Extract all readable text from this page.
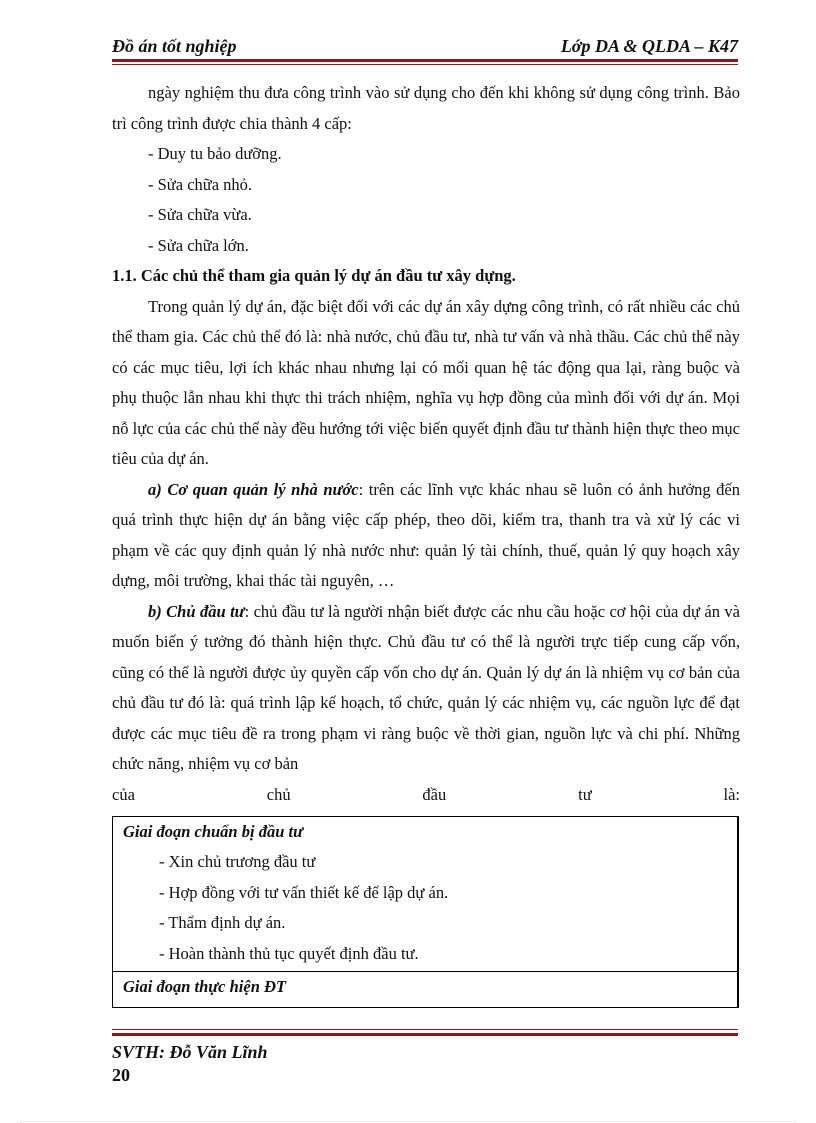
Đồ án tốt nghiệp	Lớp DA & QLDA – K47

ngày nghiệm thu đưa công trình vào sử dụng cho đến khi không sử dụng công trình. Bảo trì công trình được chia thành 4 cấp:

- Duy tu bảo dưỡng.

- Sửa chữa nhỏ.

- Sửa chữa vừa.

- Sửa chữa lớn.

1.1. Các chủ thể tham gia quản lý dự án đầu tư xây dựng.

Trong quản lý dự án, đặc biệt đối với các dự án xây dựng công trình, có rất nhiều các chủ thể tham gia. Các chủ thể đó là: nhà nước, chủ đầu tư, nhà tư vấn và nhà thầu. Các chủ thể này có các mục tiêu, lợi ích khác nhau nhưng lại có mối quan hệ tác động qua lại, ràng buộc và phụ thuộc lẫn nhau khi thực thi trách nhiệm, nghĩa vụ hợp đồng của mình đối với dự án. Mọi nỗ lực của các chủ thể này đều hướng tới việc biến quyết định đầu tư thành hiện thực theo mục tiêu của dự án.

a) Cơ quan quản lý nhà nước: trên các lĩnh vực khác nhau sẽ luôn có ảnh hưởng đến quá trình thực hiện dự án bằng việc cấp phép, theo dõi, kiểm tra, thanh tra và xử lý các vi phạm về các quy định quản lý nhà nước như: quản lý tài chính, thuế, quản lý quy hoạch xây dựng, môi trường, khai thác tài nguyên, …

b) Chủ đầu tư: chủ đầu tư là người nhận biết được các nhu cầu hoặc cơ hội của dự án và muốn biến ý tưởng đó thành hiện thực. Chủ đầu tư có thể là người trực tiếp cung cấp vốn, cũng có thể là người được ủy quyền cấp vốn cho dự án. Quản lý dự án là nhiệm vụ cơ bản của chủ đầu tư đó là: quá trình lập kế hoạch, tổ chức, quản lý các nhiệm vụ, các nguồn lực để đạt được các mục tiêu đề ra trong phạm vi ràng buộc về thời gian, nguồn lực và chi phí. Những chức năng, nhiệm vụ cơ bản

của chủ đầu tư là:

Giai đoạn chuẩn bị đầu tư
- Xin chủ trương đầu tư
- Hợp đồng với tư vấn thiết kế để lập dự án.
- Thẩm định dự án.
- Hoàn thành thủ tục quyết định đầu tư.
Giai đoạn thực hiện ĐT
SVTH: Đỗ Văn Lĩnh
20
